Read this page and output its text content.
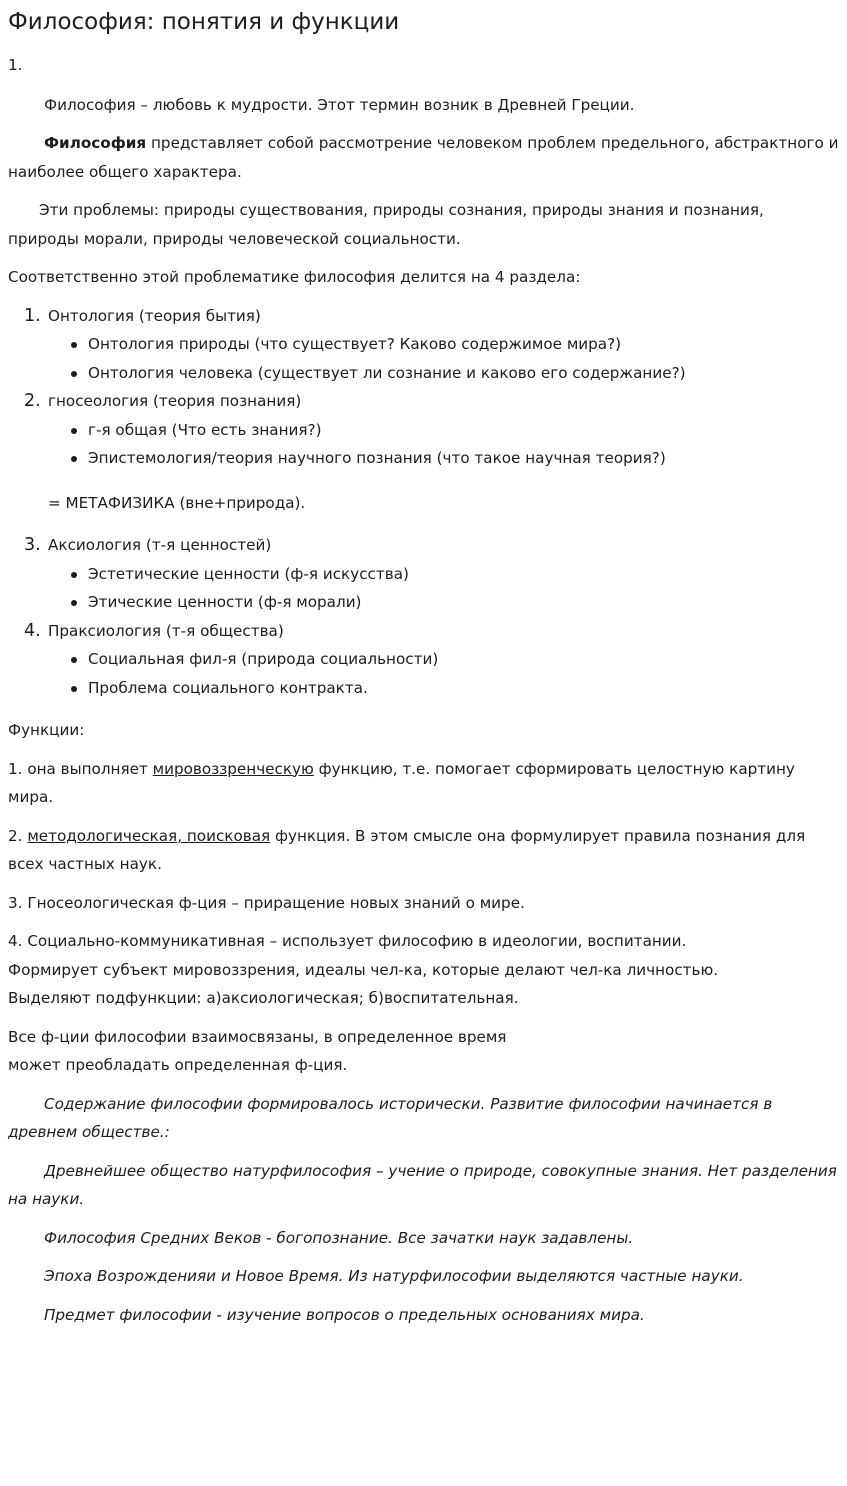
Философия: понятия и функции

1.

Философия – любовь к мудрости. Этот термин возник в Древней Греции.

Философия представляет собой рассмотрение человеком проблем предельного, абстрактного и наиболее общего характера.

Эти проблемы: природы существования, природы сознания, природы знания и познания, природы морали, природы человеческой социальности.

Соответственно этой проблематике философия делится на 4 раздела:

1. Онтология (теория бытия)
Онтология природы (что существует? Каково содержимое мира?)
Онтология человека (существует ли сознание и каково его содержание?)
2. гносеология (теория познания)
г-я общая (Что есть знания?)
Эпистемология/теория научного познания (что такое научная теория?)

= МЕТАФИЗИКА (вне+природа).

3. Аксиология (т-я ценностей)
Эстетические ценности (ф-я искусства)
Этические ценности (ф-я морали)
4. Праксиология (т-я общества)
Социальная фил-я (природа социальности)
Проблема социального контракта.

Функции:

1. она выполняет мировоззренческую функцию, т.е. помогает сформировать целостную картину мира.

2. методологическая, поисковая функция. В этом смысле она формулирует правила познания для всех частных наук.

3. Гносеологическая ф-ция – приращение новых знаний о мире.

4. Социально-коммуникативная – использует философию в идеологии, воспитании.
Формирует субъект мировоззрения, идеалы чел-ка, которые делают чел-ка личностью.
Выделяют подфункции: а)аксиологическая; б)воспитательная.

Все ф-ции философии взаимосвязаны, в определенное время
может преобладать определенная ф-ция.

Содержание философии формировалось исторически. Развитие философии начинается в древнем обществе.:

Древнейшее общество натурфилософия – учение о природе, совокупные знания. Нет разделения на науки.

Философия Средних Веков - богопознание. Все зачатки наук задавлены.

Эпоха Возрожденияи и Новое Время. Из натурфилософии выделяются частные науки.

Предмет философии - изучение вопросов о предельных основаниях мира.
